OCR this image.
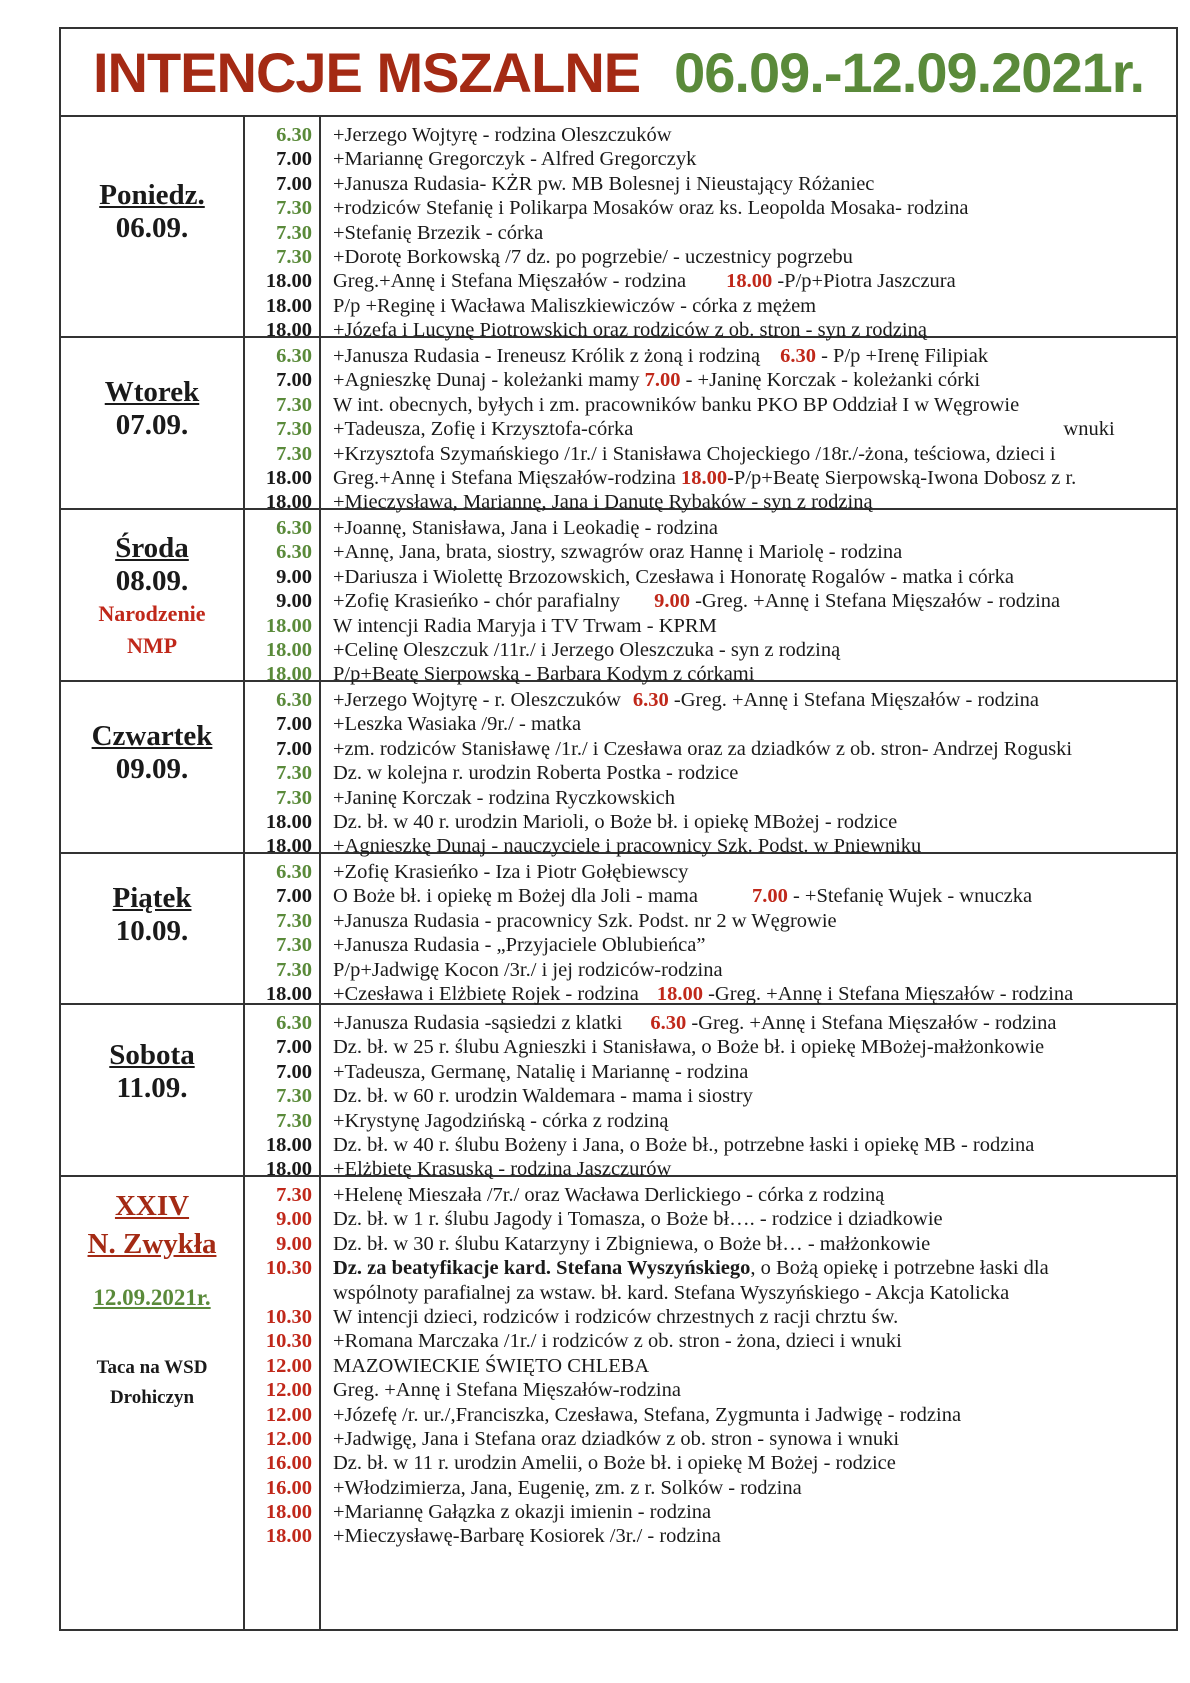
INTENCJE MSZALNE 06.09.-12.09.2021r.
Poniedz.
06.09.
6.30
7.00
7.00
7.30
7.30
7.30
18.00
18.00
18.00
+Jerzego Wojtyrę - rodzina Oleszczuków
+Mariannę Gregorczyk - Alfred Gregorczyk
+Janusza Rudasia- KŻR pw. MB Bolesnej i Nieustający Różaniec
+rodziców Stefanię i Polikarpa Mosaków oraz ks. Leopolda Mosaka- rodzina
+Stefanię Brzezik - córka
+Dorotę Borkowską /7 dz. po pogrzebie/ - uczestnicy pogrzebu
Greg.+Annę i Stefana Mięszałów - rodzina 18.00 -P/p+Piotra Jaszczura
P/p +Reginę i Wacława Maliszkiewiczów - córka z mężem
+Józefa i Lucynę Piotrowskich oraz rodziców z ob. stron - syn z rodziną
Wtorek
07.09.
6.30
7.00
7.30
7.30
7.30
18.00
18.00
+Janusza Rudasia - Ireneusz Królik z żoną i rodziną 6.30 - P/p +Irenę Filipiak
+Agnieszkę Dunaj - koleżanki mamy 7.00 - +Janinę Korczak - koleżanki córki
W int. obecnych, byłych i zm. pracowników banku PKO BP Oddział I w Węgrowie
+Tadeusza, Zofię i Krzysztofa-córka	wnuki
+Krzysztofa Szymańskiego /1r./ i Stanisława Chojeckiego /18r./-żona, teściowa, dzieci i
Greg.+Annę i Stefana Mięszałów-rodzina 18.00-P/p+Beatę Sierpowską-Iwona Dobosz z r.
+Mieczysława, Mariannę, Jana i Danutę Rybaków - syn z rodziną
Środa
08.09.
Narodzenie
NMP
6.30
6.30
9.00
9.00
18.00
18.00
18.00
+Joannę, Stanisława, Jana i Leokadię - rodzina
+Annę, Jana, brata, siostry, szwagrów oraz Hannę i Mariolę - rodzina
+Dariusza i Wiolettę Brzozowskich, Czesława i Honoratę Rogalów - matka i córka
+Zofię Krasieńko - chór parafialny 9.00 -Greg. +Annę i Stefana Mięszałów - rodzina
W intencji Radia Maryja i TV Trwam - KPRM
+Celinę Oleszczuk /11r./ i Jerzego Oleszczuka - syn z rodziną
P/p+Beatę Sierpowską - Barbara Kodym z córkami
Czwartek
09.09.
6.30
7.00
7.00
7.30
7.30
18.00
18.00
+Jerzego Wojtyrę - r. Oleszczuków 6.30 -Greg. +Annę i Stefana Mięszałów - rodzina
+Leszka Wasiaka /9r./ - matka
+zm. rodziców Stanisławę /1r./ i Czesława oraz za dziadków z ob. stron- Andrzej Roguski
Dz. w kolejna r. urodzin Roberta Postka - rodzice
+Janinę Korczak - rodzina Ryczkowskich
Dz. bł. w 40 r. urodzin Marioli, o Boże bł. i opiekę MBożej - rodzice
+Agnieszkę Dunaj - nauczyciele i pracownicy Szk. Podst. w Pniewniku
Piątek
10.09.
6.30
7.00
7.30
7.30
7.30
18.00
+Zofię Krasieńko - Iza i Piotr Gołębiewscy
O Boże bł. i opiekę m Bożej dla Joli - mama	7.00 - +Stefanię Wujek - wnuczka
+Janusza Rudasia - pracownicy Szk. Podst. nr 2 w Węgrowie
+Janusza Rudasia - „Przyjaciele Oblubieńca”
P/p+Jadwigę Kocon /3r./ i jej rodziców-rodzina
+Czesława i Elżbietę Rojek - rodzina 18.00 -Greg. +Annę i Stefana Mięszałów - rodzina
Sobota
11.09.
6.30
7.00
7.00
7.30
7.30
18.00
18.00
+Janusza Rudasia -sąsiedzi z klatki 6.30 -Greg. +Annę i Stefana Mięszałów - rodzina
Dz. bł. w 25 r. ślubu Agnieszki i Stanisława, o Boże bł. i opiekę MBożej-małżonkowie
+Tadeusza, Germanę, Natalię i Mariannę - rodzina
Dz. bł. w 60 r. urodzin Waldemara - mama i siostry
+Krystynę Jagodzińską - córka z rodziną
Dz. bł. w 40 r. ślubu Bożeny i Jana, o Boże bł., potrzebne łaski i opiekę MB - rodzina
+Elżbietę Krasuską - rodzina Jaszczurów
XXIV
N. Zwykła
12.09.2021r.
Taca na WSD
Drohiczyn
7.30
9.00
9.00
10.30
10.30
10.30
12.00
12.00
12.00
12.00
16.00
16.00
18.00
18.00
+Helenę Mieszała /7r./ oraz Wacława Derlickiego - córka z rodziną
Dz. bł. w 1 r. ślubu Jagody i Tomasza, o Boże bł…. - rodzice i dziadkowie
Dz. bł. w 30 r. ślubu Katarzyny i Zbigniewa, o Boże bł… - małżonkowie
Dz. za beatyfikacje kard. Stefana Wyszyńskiego, o Bożą opiekę i potrzebne łaski dla
wspólnoty parafialnej za wstaw. bł. kard. Stefana Wyszyńskiego - Akcja Katolicka
W intencji dzieci, rodziców i rodziców chrzestnych z racji chrztu św.
+Romana Marczaka /1r./ i rodziców z ob. stron - żona, dzieci i wnuki
MAZOWIECKIE ŚWIĘTO CHLEBA
Greg. +Annę i Stefana Mięszałów-rodzina
+Józefę /r. ur./,Franciszka, Czesława, Stefana, Zygmunta i Jadwigę - rodzina
+Jadwigę, Jana i Stefana oraz dziadków z ob. stron - synowa i wnuki
Dz. bł. w 11 r. urodzin Amelii, o Boże bł. i opiekę M Bożej - rodzice
+Włodzimierza, Jana, Eugenię, zm. z r. Solków - rodzina
+Mariannę Gałązka z okazji imienin - rodzina
+Mieczysławę-Barbarę Kosiorek /3r./ - rodzina
